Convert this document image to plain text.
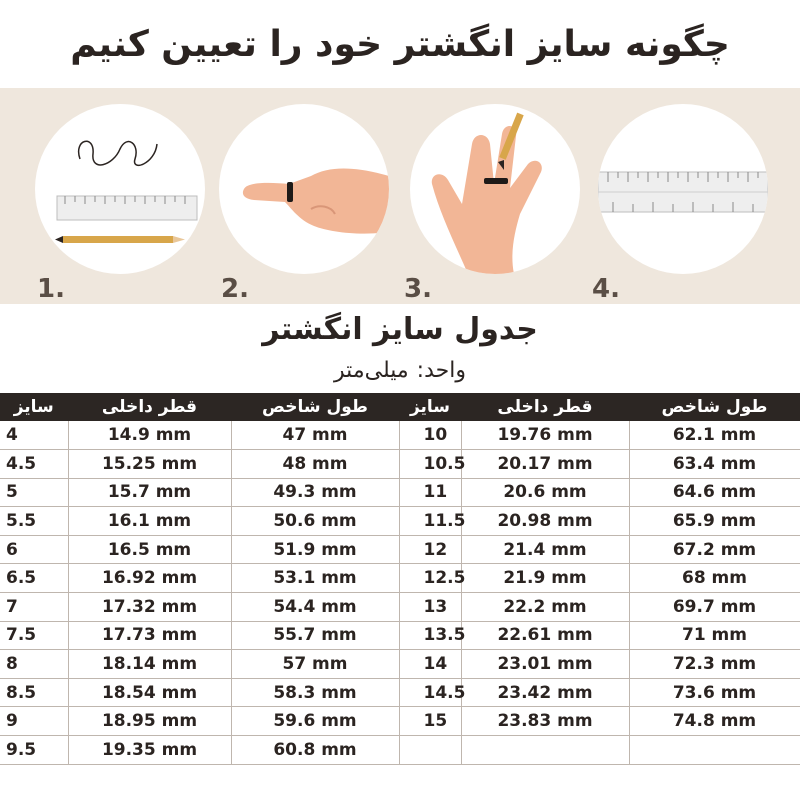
چگونه سایز انگشتر خود را تعیین کنیم
1.	2.	3.	4.
جدول سایز انگشتر
واحد:
میلی‌متر
سایز	قطر داخلی	طول شاخص	سایز	قطر داخلی	طول شاخص
4	14.9 mm	47 mm	10	19.76 mm	62.1 mm
4.5	15.25 mm	48 mm	10.5	20.17 mm	63.4 mm
5	15.7 mm	49.3 mm	11	20.6 mm	64.6 mm
5.5	16.1 mm	50.6 mm	11.5	20.98 mm	65.9 mm
6	16.5 mm	51.9 mm	12	21.4 mm	67.2 mm
6.5	16.92 mm	53.1 mm	12.5	21.9 mm	68 mm
7	17.32 mm	54.4 mm	13	22.2 mm	69.7 mm
7.5	17.73 mm	55.7 mm	13.5	22.61 mm	71 mm
8	18.14 mm	57 mm	14	23.01 mm	72.3 mm
8.5	18.54 mm	58.3 mm	14.5	23.42 mm	73.6 mm
9	18.95 mm	59.6 mm	15	23.83 mm	74.8 mm
9.5	19.35 mm	60.8 mm			
